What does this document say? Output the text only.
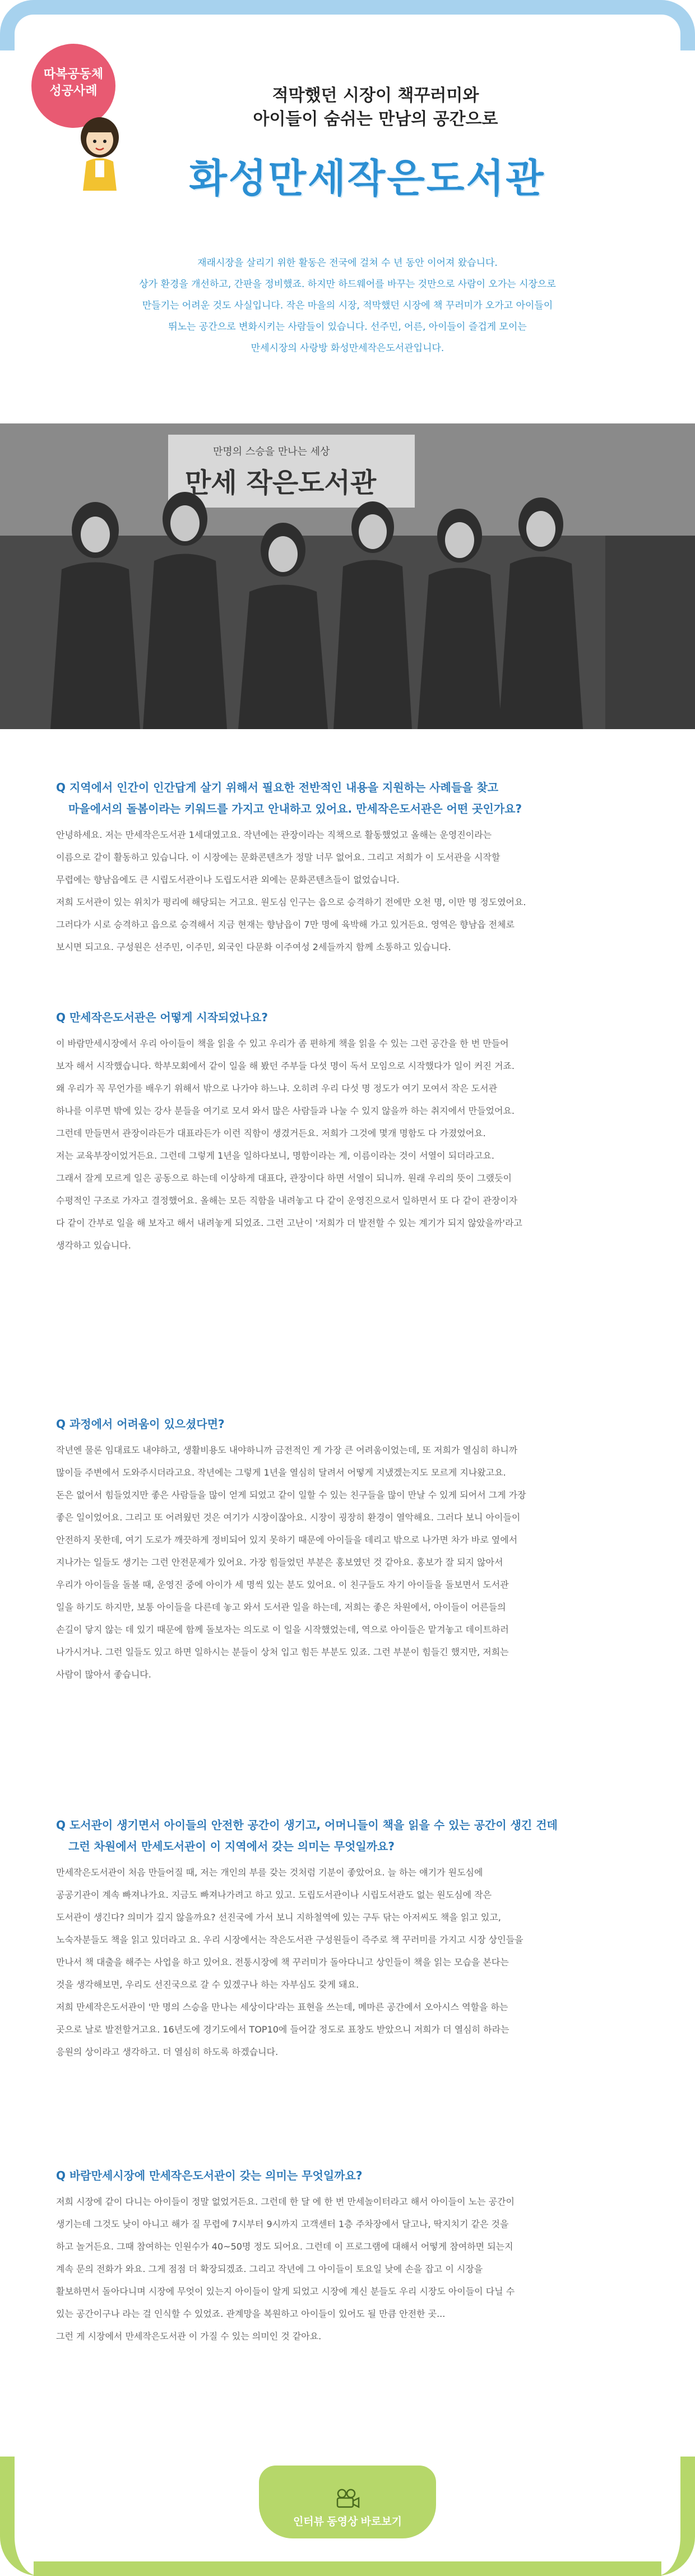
따복공동체
성공사례	적막했던 시장이 책꾸러미와
아이들이 숨쉬는 만남의 공간으로
화성만세작은도서관

재래시장을 살리기 위한 활동은 전국에 걸쳐 수 년 동안 이어져 왔습니다.

상가 환경을 개선하고, 간판을 정비했죠. 하지만 하드웨어를 바꾸는 것만으로 사람이 오가는 시장으로

만들기는 어려운 것도 사실입니다. 작은 마을의 시장, 적막했던 시장에 책 꾸러미가 오가고 아이들이

뛰노는 공간으로 변화시키는 사람들이 있습니다. 선주민, 어른, 아이들이 즐겁게 모이는

만세시장의 사랑방 화성만세작은도서관입니다.

만명의 스승을 만나는 세상
만세 작은도서관
Q 지역에서 인간이 인간답게 살기 위해서 필요한 전반적인 내용을 지원하는 사례들을 찾고
마을에서의 돌봄이라는 키워드를 가지고 안내하고 있어요. 만세작은도서관은 어떤 곳인가요?

안녕하세요. 저는 만세작은도서관 1세대였고요. 작년에는 관장이라는 직책으로 활동했었고 올해는 운영진이라는

이름으로 같이 활동하고 있습니다. 이 시장에는 문화콘텐츠가 정말 너무 없어요. 그리고 저희가 이 도서관을 시작할

무렵에는 향남읍에도 큰 시립도서관이나 도립도서관 외에는 문화콘텐츠들이 없었습니다.

저희 도서관이 있는 위치가 평리에 해당되는 거고요. 원도심 인구는 읍으로 승격하기 전에만 오천 명, 이만 명 정도였어요.

그러다가 시로 승격하고 읍으로 승격해서 지금 현재는 향남읍이 7만 명에 육박해 가고 있거든요. 영역은 향남읍 전체로

보시면 되고요. 구성원은 선주민, 이주민, 외국인 다문화 이주여성 2세들까지 함께 소통하고 있습니다.

Q 만세작은도서관은 어떻게 시작되었나요?

이 바람만세시장에서 우리 아이들이 책을 읽을 수 있고 우리가 좀 편하게 책을 읽을 수 있는 그런 공간을 한 번 만들어

보자 해서 시작했습니다. 학부모회에서 같이 일을 해 봤던 주부들 다섯 명이 독서 모임으로 시작했다가 일이 커진 거죠.

왜 우리가 꼭 무언가를 배우기 위해서 밖으로 나가야 하느냐. 오히려 우리 다섯 명 정도가 여기 모여서 작은 도서관

하나를 이루면 밖에 있는 강사 분들을 여기로 모셔 와서 많은 사람들과 나눌 수 있지 않을까 하는 취지에서 만들었어요.

그런데 만들면서 관장이라든가 대표라든가 이런 직함이 생겼거든요. 저희가 그것에 몇개 명함도 다 가졌었어요.

저는 교육부장이었거든요. 그런데 그렇게 1년을 일하다보니, 명함이라는 게, 이름이라는 것이 서열이 되더라고요.

그래서 잘게 모르게 일은 공동으로 하는데 이상하게 대표다, 관장이다 하면 서열이 되니까. 원래 우리의 뜻이 그랬듯이

수평적인 구조로 가자고 결정했어요. 올해는 모든 직함을 내려놓고 다 같이 운영진으로서 일하면서 또 다 같이 관장이자

다 같이 간부로 일을 해 보자고 해서 내려놓게 되었죠. 그런 고난이 '저희가 더 발전할 수 있는 계기가 되지 않았을까'라고

생각하고 있습니다.

Q 과정에서 어려움이 있으셨다면?

작년엔 물론 임대료도 내야하고, 생활비용도 내야하니까 금전적인 게 가장 큰 어려움이었는데, 또 저희가 열심히 하니까

많이들 주변에서 도와주시더라고요. 작년에는 그렇게 1년을 열심히 달려서 어떻게 지냈겠는지도 모르게 지나왔고요.

돈은 없어서 힘들었지만 좋은 사람들을 많이 얻게 되었고 같이 일할 수 있는 친구들을 많이 만날 수 있게 되어서 그게 가장

좋은 일이었어요. 그리고 또 어려웠던 것은 여기가 시장이잖아요. 시장이 굉장히 환경이 열악해요. 그러다 보니 아이들이

안전하지 못한데, 여기 도로가 깨끗하게 정비되어 있지 못하기 때문에 아이들을 데리고 밖으로 나가면 차가 바로 옆에서

지나가는 일들도 생기는 그런 안전문제가 있어요. 가장 힘들었던 부분은 홍보였던 것 같아요. 홍보가 잘 되지 않아서

우리가 아이들을 돌볼 때, 운영진 중에 아이가 세 명씩 있는 분도 있어요. 이 친구들도 자기 아이들을 돌보면서 도서관

일을 하기도 하지만, 보통 아이들을 다른데 놓고 와서 도서관 일을 하는데, 저희는 좋은 차원에서, 아이들이 어른들의

손길이 닿지 않는 데 있기 때문에 함께 돌보자는 의도로 이 일을 시작했었는데, 역으로 아이들은 맡겨놓고 데이트하러

나가시거나. 그런 일들도 있고 하면 일하시는 분들이 상처 입고 힘든 부분도 있죠. 그런 부분이 힘들긴 했지만, 저희는

사람이 많아서 좋습니다.

Q 도서관이 생기면서 아이들의 안전한 공간이 생기고, 어머니들이 책을 읽을 수 있는 공간이 생긴 건데
그런 차원에서 만세도서관이 이 지역에서 갖는 의미는 무엇일까요?

만세작은도서관이 처음 만들어질 때, 저는 개인의 부를 갖는 것처럼 기분이 좋았어요. 늘 하는 얘기가 원도심에

공공기관이 계속 빠져나가요. 지금도 빠져나가려고 하고 있고. 도립도서관이나 시립도서관도 없는 원도심에 작은

도서관이 생긴다? 의미가 깊지 않을까요? 선진국에 가서 보니 지하철역에 있는 구두 닦는 아저씨도 책을 읽고 있고,

노숙자분들도 책을 읽고 있더라고 요. 우리 시장에서는 작은도서관 구성원들이 즉주로 책 꾸러미를 가지고 시장 상인들을

만나서 책 대출을 해주는 사업을 하고 있어요. 전통시장에 책 꾸러미가 돌아다니고 상인들이 책을 읽는 모습을 본다는

것을 생각해보면, 우리도 선진국으로 갈 수 있겠구나 하는 자부심도 갖게 돼요.

저희 만세작은도서관이 '만 명의 스승을 만나는 세상이다'라는 표현을 쓰는데, 메마른 공간에서 오아시스 역할을 하는

곳으로 날로 발전할거고요. 16년도에 경기도에서 TOP10에 들어갈 정도로 표창도 받았으니 저희가 더 열심히 하라는

응원의 상이라고 생각하고. 더 열심히 하도록 하겠습니다.

Q 바람만세시장에 만세작은도서관이 갖는 의미는 무엇일까요?

저희 시장에 같이 다니는 아이들이 정말 없었거든요. 그런데 한 달 에 한 번 만세놀이터라고 해서 아이들이 노는 공간이

생기는데 그것도 낮이 아니고 해가 질 무렵에 7시부터 9시까지 고객센터 1층 주차장에서 달고나, 딱지치기 같은 것을

하고 놀거든요. 그때 참여하는 인원수가 40~50명 정도 되어요. 그런데 이 프로그램에 대해서 어떻게 참여하면 되는지

계속 문의 전화가 와요. 그게 점점 더 확장되겠죠. 그리고 작년에 그 아이들이 토요일 낮에 손을 잡고 이 시장을

활보하면서 돌아다니며 시장에 무엇이 있는지 아이들이 알게 되었고 시장에 계신 분들도 우리 시장도 아이들이 다닐 수

있는 공간이구나 라는 걸 인식할 수 있었죠. 관계망을 복원하고 아이들이 있어도 될 만큼 안전한 곳...

그런 게 시장에서 만세작은도서관 이 가질 수 있는 의미인 것 같아요.

인터뷰 동영상 바로보기
